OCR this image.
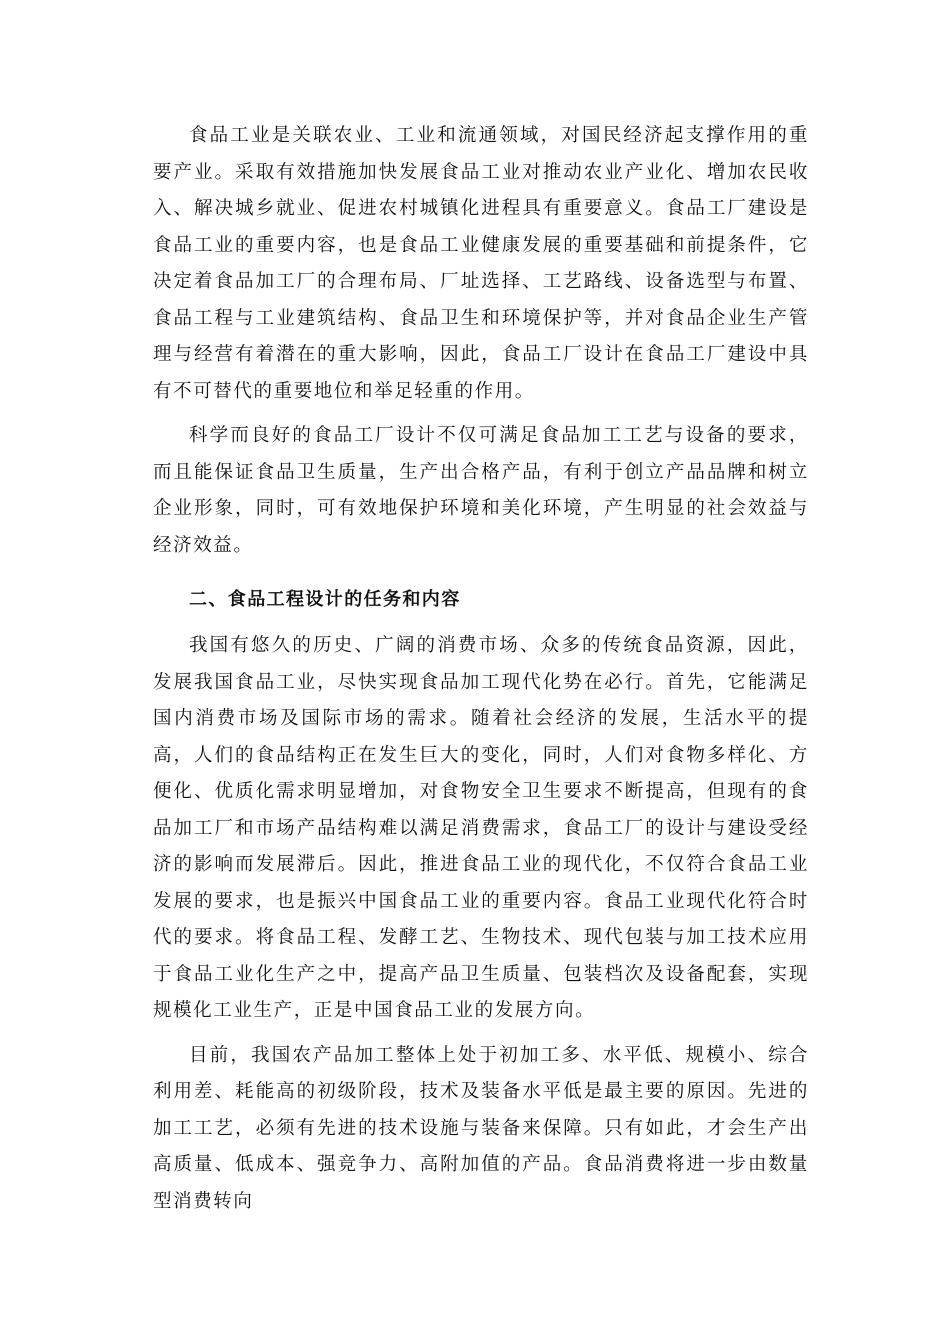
食品工业是关联农业、工业和流通领域，对国民经济起支撑作用的重要产业。采取有效措施加快发展食品工业对推动农业产业化、增加农民收入、解决城乡就业、促进农村城镇化进程具有重要意义。食品工厂建设是食品工业的重要内容，也是食品工业健康发展的重要基础和前提条件，它决定着食品加工厂的合理布局、厂址选择、工艺路线、设备选型与布置、食品工程与工业建筑结构、食品卫生和环境保护等，并对食品企业生产管理与经营有着潜在的重大影响，因此，食品工厂设计在食品工厂建设中具有不可替代的重要地位和举足轻重的作用。

科学而良好的食品工厂设计不仅可满足食品加工工艺与设备的要求，而且能保证食品卫生质量，生产出合格产品，有利于创立产品品牌和树立企业形象，同时，可有效地保护环境和美化环境，产生明显的社会效益与经济效益。

二、食品工程设计的任务和内容

我国有悠久的历史、广阔的消费市场、众多的传统食品资源，因此，发展我国食品工业，尽快实现食品加工现代化势在必行。首先，它能满足国内消费市场及国际市场的需求。随着社会经济的发展，生活水平的提高，人们的食品结构正在发生巨大的变化，同时，人们对食物多样化、方便化、优质化需求明显增加，对食物安全卫生要求不断提高，但现有的食品加工厂和市场产品结构难以满足消费需求，食品工厂的设计与建设受经济的影响而发展滞后。因此，推进食品工业的现代化，不仅符合食品工业发展的要求，也是振兴中国食品工业的重要内容。食品工业现代化符合时代的要求。将食品工程、发酵工艺、生物技术、现代包装与加工技术应用于食品工业化生产之中，提高产品卫生质量、包装档次及设备配套，实现规模化工业生产，正是中国食品工业的发展方向。

目前，我国农产品加工整体上处于初加工多、水平低、规模小、综合利用差、耗能高的初级阶段，技术及装备水平低是最主要的原因。先进的加工工艺，必须有先进的技术设施与装备来保障。只有如此，才会生产出高质量、低成本、强竞争力、高附加值的产品。食品消费将进一步由数量型消费转向
